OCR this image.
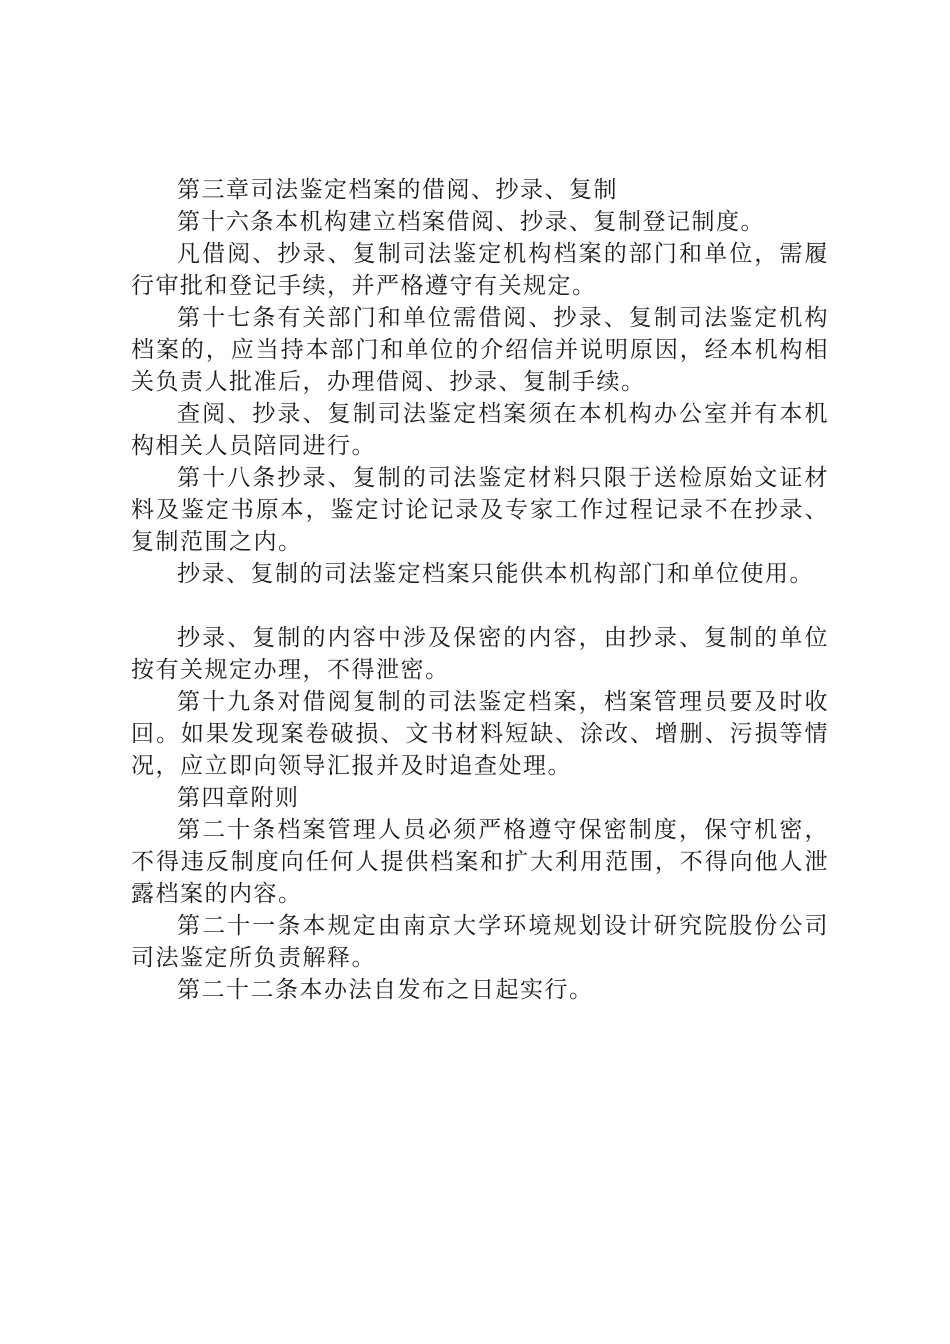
第三章司法鉴定档案的借阅、抄录、复制

第十六条本机构建立档案借阅、抄录、复制登记制度。

凡借阅、抄录、复制司法鉴定机构档案的部门和单位，需履行审批和登记手续，并严格遵守有关规定。

第十七条有关部门和单位需借阅、抄录、复制司法鉴定机构档案的，应当持本部门和单位的介绍信并说明原因，经本机构相关负责人批准后，办理借阅、抄录、复制手续。

查阅、抄录、复制司法鉴定档案须在本机构办公室并有本机构相关人员陪同进行。

第十八条抄录、复制的司法鉴定材料只限于送检原始文证材料及鉴定书原本，鉴定讨论记录及专家工作过程记录不在抄录、复制范围之内。

抄录、复制的司法鉴定档案只能供本机构部门和单位使用。

抄录、复制的内容中涉及保密的内容，由抄录、复制的单位按有关规定办理，不得泄密。

第十九条对借阅复制的司法鉴定档案，档案管理员要及时收回。如果发现案卷破损、文书材料短缺、涂改、增删、污损等情况，应立即向领导汇报并及时追查处理。

第四章附则

第二十条档案管理人员必须严格遵守保密制度，保守机密，不得违反制度向任何人提供档案和扩大利用范围，不得向他人泄露档案的内容。

第二十一条本规定由南京大学环境规划设计研究院股份公司司法鉴定所负责解释。

第二十二条本办法自发布之日起实行。
